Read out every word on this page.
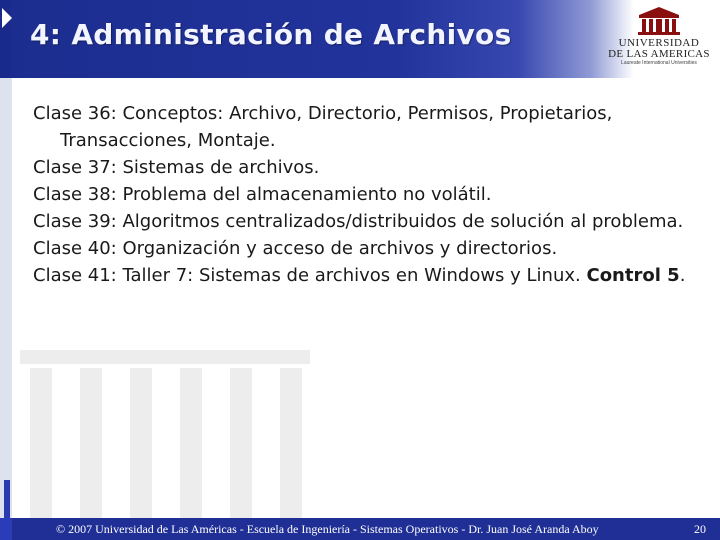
4: Administración de Archivos	UNIVERSIDAD
DE LAS AMERICAS
Laureate International Universities

Clase 36: Conceptos: Archivo, Directorio, Permisos, Propietarios, Transacciones, Montaje.

Clase 37: Sistemas de archivos.

Clase 38: Problema del almacenamiento no volátil.

Clase 39: Algoritmos centralizados/distribuidos de solución al problema.

Clase 40: Organización y acceso de archivos y directorios.

Clase 41: Taller 7: Sistemas de archivos en Windows y Linux. Control 5.

© 2007 Universidad de Las Américas - Escuela de Ingeniería - Sistemas Operativos - Dr. Juan José Aranda Aboy	20
